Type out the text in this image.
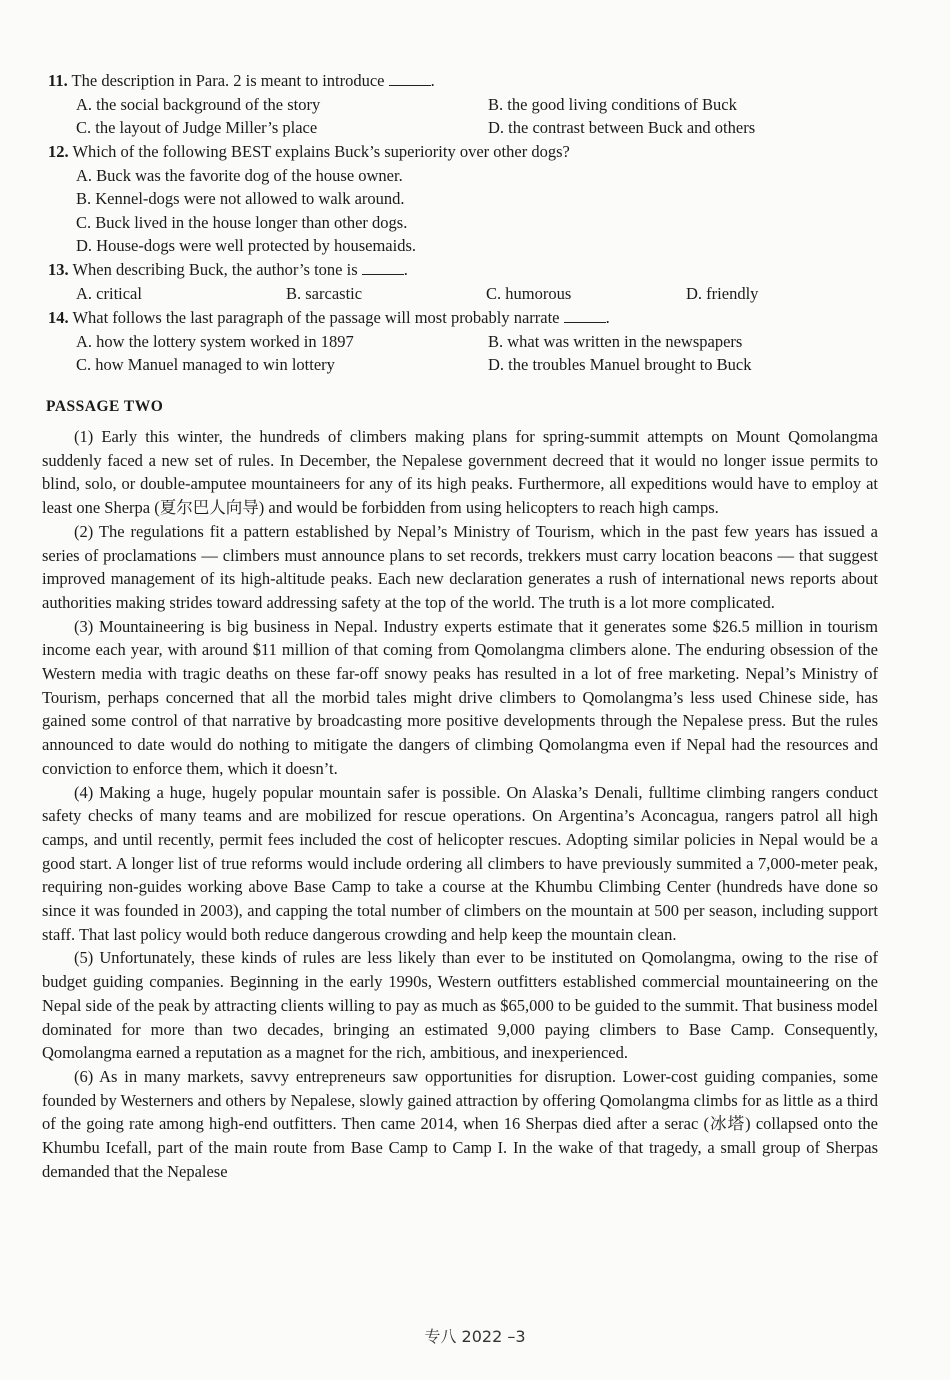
11. The description in Para. 2 is meant to introduce	.
A. the social background of the story	B. the good living conditions of Buck
C. the layout of Judge Miller’s place	D. the contrast between Buck and others
12. Which of the following BEST explains Buck’s superiority over other dogs?
A. Buck was the favorite dog of the house owner.
B. Kennel-dogs were not allowed to walk around.
C. Buck lived in the house longer than other dogs.
D. House-dogs were well protected by housemaids.
13. When describing Buck, the author’s tone is	.
A. critical	B. sarcastic	C. humorous	D. friendly
14. What follows the last paragraph of the passage will most probably narrate	.
A. how the lottery system worked in 1897	B. what was written in the newspapers
C. how Manuel managed to win lottery	D. the troubles Manuel brought to Buck
PASSAGE TWO

(1) Early this winter, the hundreds of climbers making plans for spring-summit attempts on Mount Qomolangma suddenly faced a new set of rules. In December, the Nepalese government decreed that it would no longer issue permits to blind, solo, or double-amputee mountaineers for any of its high peaks. Furthermore, all expeditions would have to employ at least one Sherpa (夏尔巴人向导) and would be forbidden from using helicopters to reach high camps.

(2) The regulations fit a pattern established by Nepal’s Ministry of Tourism, which in the past few years has issued a series of proclamations — climbers must announce plans to set records, trekkers must carry location beacons — that suggest improved management of its high-altitude peaks. Each new declaration generates a rush of international news reports about authorities making strides toward addressing safety at the top of the world. The truth is a lot more complicated.

(3) Mountaineering is big business in Nepal. Industry experts estimate that it generates some $26.5 million in tourism income each year, with around $11 million of that coming from Qomolangma climbers alone. The enduring obsession of the Western media with tragic deaths on these far-off snowy peaks has resulted in a lot of free marketing. Nepal’s Ministry of Tourism, perhaps concerned that all the morbid tales might drive climbers to Qomolangma’s less used Chinese side, has gained some control of that narrative by broadcasting more positive developments through the Nepalese press. But the rules announced to date would do nothing to mitigate the dangers of climbing Qomolangma even if Nepal had the resources and conviction to enforce them, which it doesn’t.

(4) Making a huge, hugely popular mountain safer is possible. On Alaska’s Denali, fulltime climbing rangers conduct safety checks of many teams and are mobilized for rescue operations. On Argentina’s Aconcagua, rangers patrol all high camps, and until recently, permit fees included the cost of helicopter rescues. Adopting similar policies in Nepal would be a good start. A longer list of true reforms would include ordering all climbers to have previously summited a 7,000-meter peak, requiring non-guides working above Base Camp to take a course at the Khumbu Climbing Center (hundreds have done so since it was founded in 2003), and capping the total number of climbers on the mountain at 500 per season, including support staff. That last policy would both reduce dangerous crowding and help keep the mountain clean.

(5) Unfortunately, these kinds of rules are less likely than ever to be instituted on Qomolangma, owing to the rise of budget guiding companies. Beginning in the early 1990s, Western outfitters established commercial mountaineering on the Nepal side of the peak by attracting clients willing to pay as much as $65,000 to be guided to the summit. That business model dominated for more than two decades, bringing an estimated 9,000 paying climbers to Base Camp. Consequently, Qomolangma earned a reputation as a magnet for the rich, ambitious, and inexperienced.

(6) As in many markets, savvy entrepreneurs saw opportunities for disruption. Lower-cost guiding companies, some founded by Westerners and others by Nepalese, slowly gained attraction by offering Qomolangma climbs for as little as a third of the going rate among high-end outfitters. Then came 2014, when 16 Sherpas died after a serac (冰塔) collapsed onto the Khumbu Icefall, part of the main route from Base Camp to Camp I. In the wake of that tragedy, a small group of Sherpas demanded that the Nepalese

专八 2022 –3
